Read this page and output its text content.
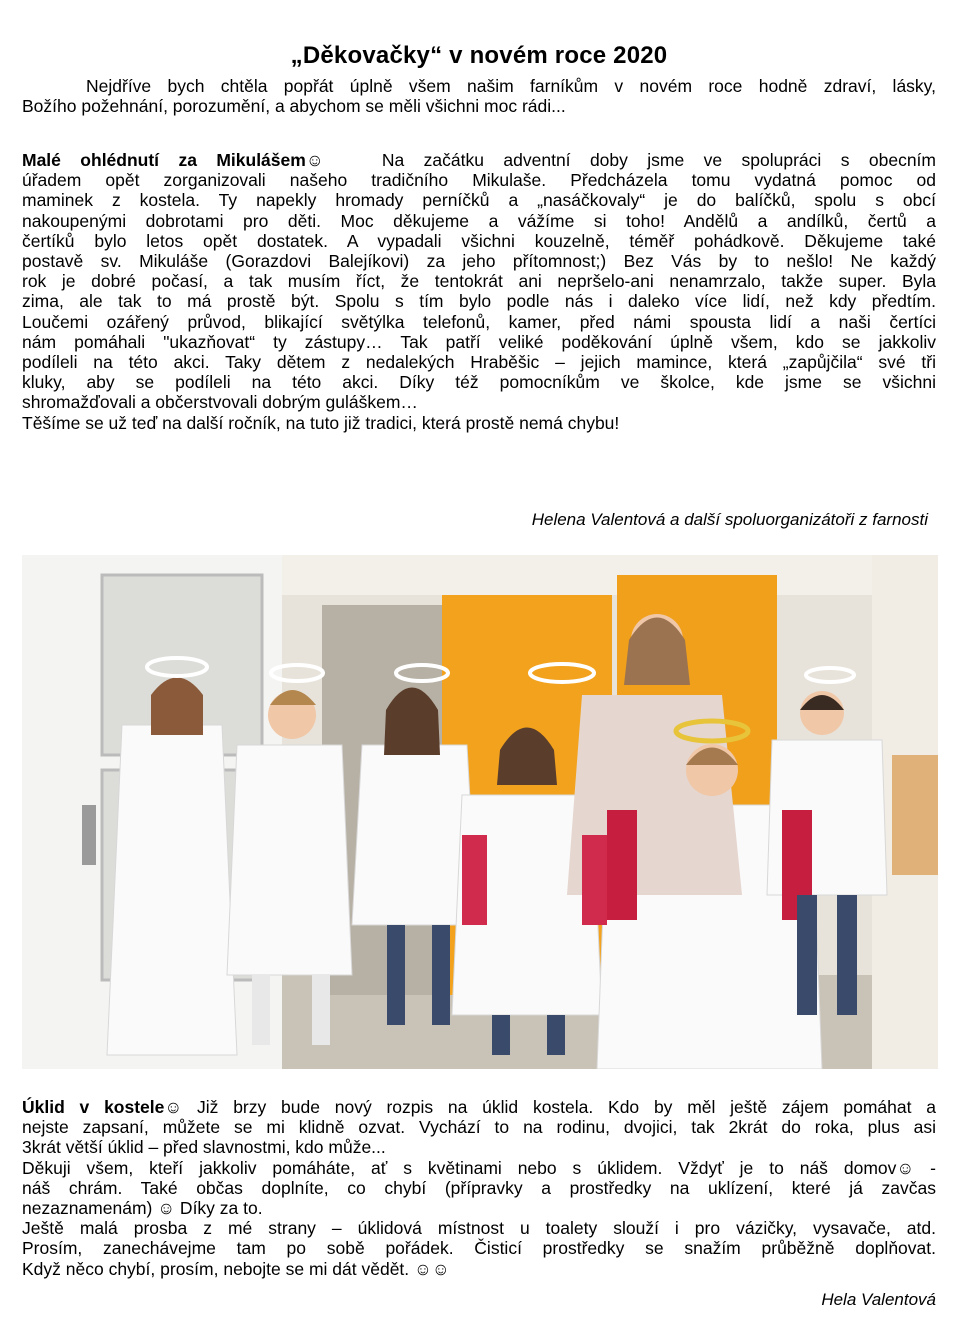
„Děkovačky“ v novém roce 2020
Nejdříve bych chtěla popřát úplně všem našim farníkům v novém roce hodně zdraví, lásky,
Božího požehnání, porozumění, a abychom se měli všichni moc rádi...
Malé ohlédnutí za Mikulášem☺	Na začátku adventní doby jsme ve spolupráci s obecním
úřadem opět zorganizovali našeho tradičního Mikulaše. Předcházela tomu vydatná pomoc od
maminek z kostela. Ty napekly hromady perníčků a „nasáčkovaly“ je do balíčků, spolu s obcí
nakoupenými dobrotami pro děti. Moc děkujeme a vážíme si toho! Andělů a andílků, čertů a
čertíků bylo letos opět dostatek. A vypadali všichni kouzelně, téměř pohádkově. Děkujeme také
postavě sv. Mikuláše (Gorazdovi Balejíkovi) za jeho přítomnost;) Bez Vás by to nešlo! Ne každý
rok je dobré počasí, a tak musím říct, že tentokrát ani nepršelo-ani nenamrzalo, takže super. Byla
zima, ale tak to má prostě být. Spolu s tím bylo podle nás i daleko více lidí, než kdy předtím.
Loučemi ozářený průvod, blikající světýlka telefonů, kamer, před námi spousta lidí a naši čertíci
nám pomáhali "ukazňovat“ ty zástupy… Tak patří veliké poděkování úplně všem, kdo se jakkoliv
podíleli na této akci. Taky dětem z nedalekých Hraběšic – jejich mamince, která „zapůjčila“ své tři
kluky, aby se podíleli na této akci. Díky též pomocníkům ve školce, kde jsme se všichni
shromažďovali a občerstvovali dobrým guláškem…
Těšíme se už teď na další ročník, na tuto již tradici, která prostě nemá chybu!
Helena Valentová a další spoluorganizátoři z farnosti
Úklid v kostele☺ Již brzy bude nový rozpis na úklid kostela. Kdo by měl ještě zájem pomáhat a
nejste zapsaní, můžete se mi klidně ozvat. Vychází to na rodinu, dvojici, tak 2krát do roka, plus asi
3krát větší úklid – před slavnostmi, kdo může...
Děkuji všem, kteří jakkoliv pomáháte, ať s květinami nebo s úklidem. Vždyť je to náš domov☺ -
náš chrám. Také občas doplníte, co chybí (přípravky a prostředky na uklízení, které já zavčas
nezaznamenám) ☺ Díky za to.
Ještě malá prosba z mé strany – úklidová místnost u toalety slouží i pro vázičky, vysavače, atd.
Prosím, zanechávejme tam po sobě pořádek. Čisticí prostředky se snažím průběžně doplňovat.
Když něco chybí, prosím, nebojte se mi dát vědět. ☺☺
Hela Valentová
